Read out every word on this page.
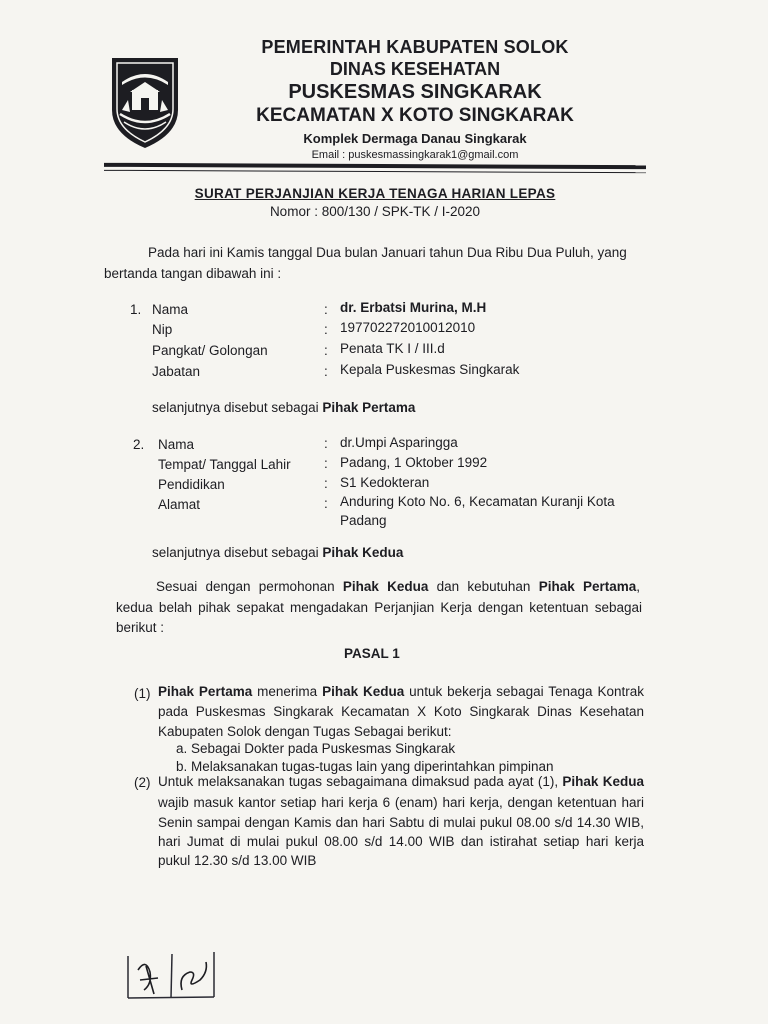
PEMERINTAH KABUPATEN SOLOK
DINAS KESEHATAN
PUSKESMAS SINGKARAK
KECAMATAN X KOTO SINGKARAK
Komplek Dermaga Danau Singkarak
Email : puskesmassingkarak1@gmail.com
SURAT PERJANJIAN KERJA TENAGA HARIAN LEPAS
Nomor : 800/130 / SPK-TK / I-2020
Pada hari ini Kamis tanggal Dua bulan Januari tahun Dua Ribu Dua Puluh, yang
bertanda tangan dibawah ini :
1. Nama	: dr. Erbatsi Murina, M.H
Nip	: 197702272010012010
Pangkat/ Golongan	: Penata TK I / III.d
Jabatan	: Kepala Puskesmas Singkarak
selanjutnya disebut sebagai Pihak Pertama
2. Nama	: dr.Umpi Asparingga
Tempat/ Tanggal Lahir : Padang, 1 Oktober 1992
Pendidikan	: S1 Kedokteran
Alamat	: Anduring Koto No. 6, Kecamatan Kuranji Kota
Padang
selanjutnya disebut sebagai Pihak Kedua
Sesuai dengan permohonan Pihak Kedua dan kebutuhan Pihak Pertama,
kedua belah pihak sepakat mengadakan Perjanjian Kerja dengan ketentuan sebagai
berikut :
PASAL 1
(1) Pihak Pertama menerima Pihak Kedua untuk bekerja sebagai Tenaga Kontrak
pada Puskesmas Singkarak Kecamatan X Koto Singkarak Dinas Kesehatan
Kabupaten Solok dengan Tugas Sebagai berikut:
a. Sebagai Dokter pada Puskesmas Singkarak
b. Melaksanakan tugas-tugas lain yang diperintahkan pimpinan
(2) Untuk melaksanakan tugas sebagaimana dimaksud pada ayat (1), Pihak Kedua
wajib masuk kantor setiap hari kerja 6 (enam) hari kerja, dengan ketentuan hari
Senin sampai dengan Kamis dan hari Sabtu di mulai pukul 08.00 s/d 14.30 WIB,
hari Jumat di mulai pukul 08.00 s/d 14.00 WIB dan istirahat setiap hari kerja
pukul 12.30 s/d 13.00 WIB
